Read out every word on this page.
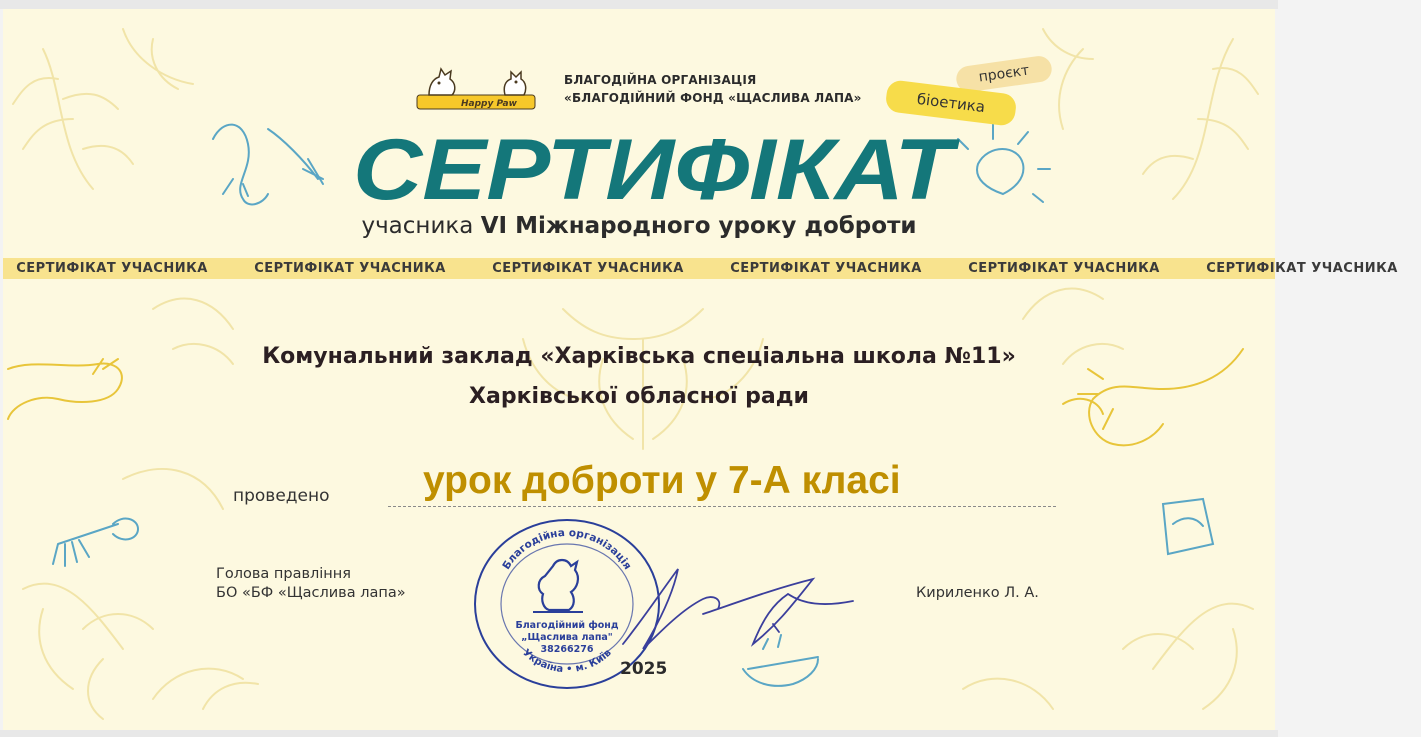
Happy Paw
БЛАГОДІЙНА ОРГАНІЗАЦІЯ
«БЛАГОДІЙНИЙ ФОНД «ЩАСЛИВА ЛАПА»
проєкт
біоетика
СЕРТИФІКАТ
учасника VI Міжнародного уроку доброти
СЕРТИФІКАТ УЧАСНИКА	СЕРТИФІКАТ УЧАСНИКА	СЕРТИФІКАТ УЧАСНИКА	СЕРТИФІКАТ УЧАСНИКА	СЕРТИФІКАТ УЧАСНИКА	СЕРТИФІКАТ УЧАСНИКА
Комунальний заклад «Харківська спеціальна школа №11»
Харківської обласної ради
проведено урок доброти у 7-А класі
Голова правління
БО «БФ «Щаслива лапа»	Кириленко Л. А.
Благодійна організація
Благодійний фонд
„Щаслива лапа"
38266276
Україна • м. Київ
2025
